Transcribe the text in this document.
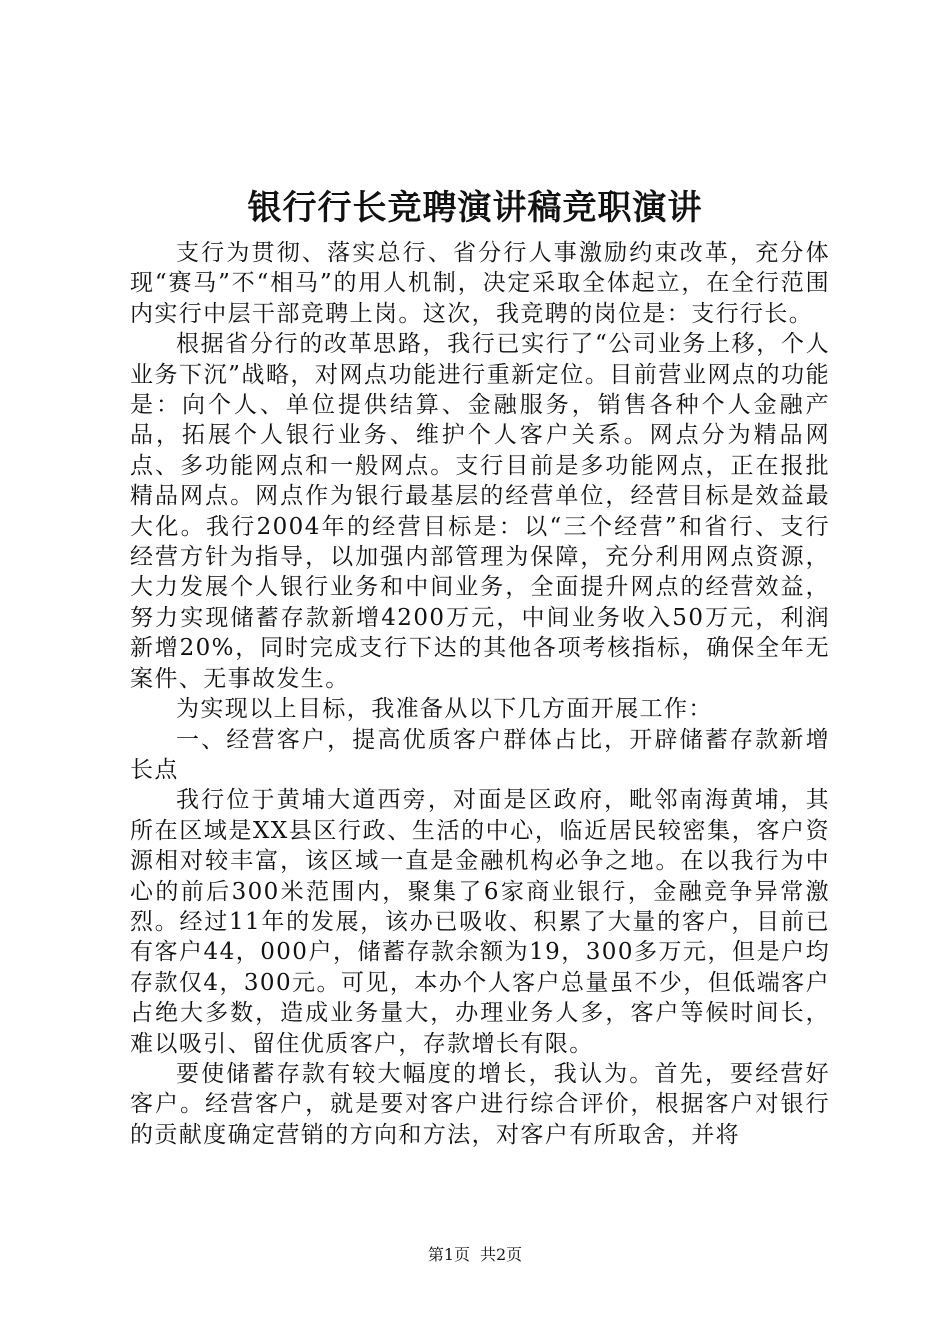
银行行长竞聘演讲稿竞职演讲

支行为贯彻、落实总行、省分行人事激励约束改革，充分体现“赛马”不“相马”的用人机制，决定采取全体起立，在全行范围内实行中层干部竞聘上岗。这次，我竞聘的岗位是：支行行长。

根据省分行的改革思路，我行已实行了“公司业务上移，个人业务下沉”战略，对网点功能进行重新定位。目前营业网点的功能是：向个人、单位提供结算、金融服务，销售各种个人金融产品，拓展个人银行业务、维护个人客户关系。网点分为精品网点、多功能网点和一般网点。支行目前是多功能网点，正在报批精品网点。网点作为银行最基层的经营单位，经营目标是效益最大化。我行2004年的经营目标是：以“三个经营”和省行、支行经营方针为指导，以加强内部管理为保障，充分利用网点资源，大力发展个人银行业务和中间业务，全面提升网点的经营效益，努力实现储蓄存款新增4200万元，中间业务收入50万元，利润新增20%，同时完成支行下达的其他各项考核指标，确保全年无案件、无事故发生。

为实现以上目标，我准备从以下几方面开展工作：

一、经营客户，提高优质客户群体占比，开辟储蓄存款新增长点

我行位于黄埔大道西旁，对面是区政府，毗邻南海黄埔，其所在区域是XX县区行政、生活的中心，临近居民较密集，客户资源相对较丰富，该区域一直是金融机构必争之地。在以我行为中心的前后300米范围内，聚集了6家商业银行，金融竞争异常激烈。经过11年的发展，该办已吸收、积累了大量的客户，目前已有客户44，000户，储蓄存款余额为19，300多万元，但是户均存款仅4，300元。可见，本办个人客户总量虽不少，但低端客户占绝大多数，造成业务量大，办理业务人多，客户等候时间长，难以吸引、留住优质客户，存款增长有限。

要使储蓄存款有较大幅度的增长，我认为。首先，要经营好客户。经营客户，就是要对客户进行综合评价，根据客户对银行的贡献度确定营销的方向和方法，对客户有所取舍，并将

第1页 共2页
